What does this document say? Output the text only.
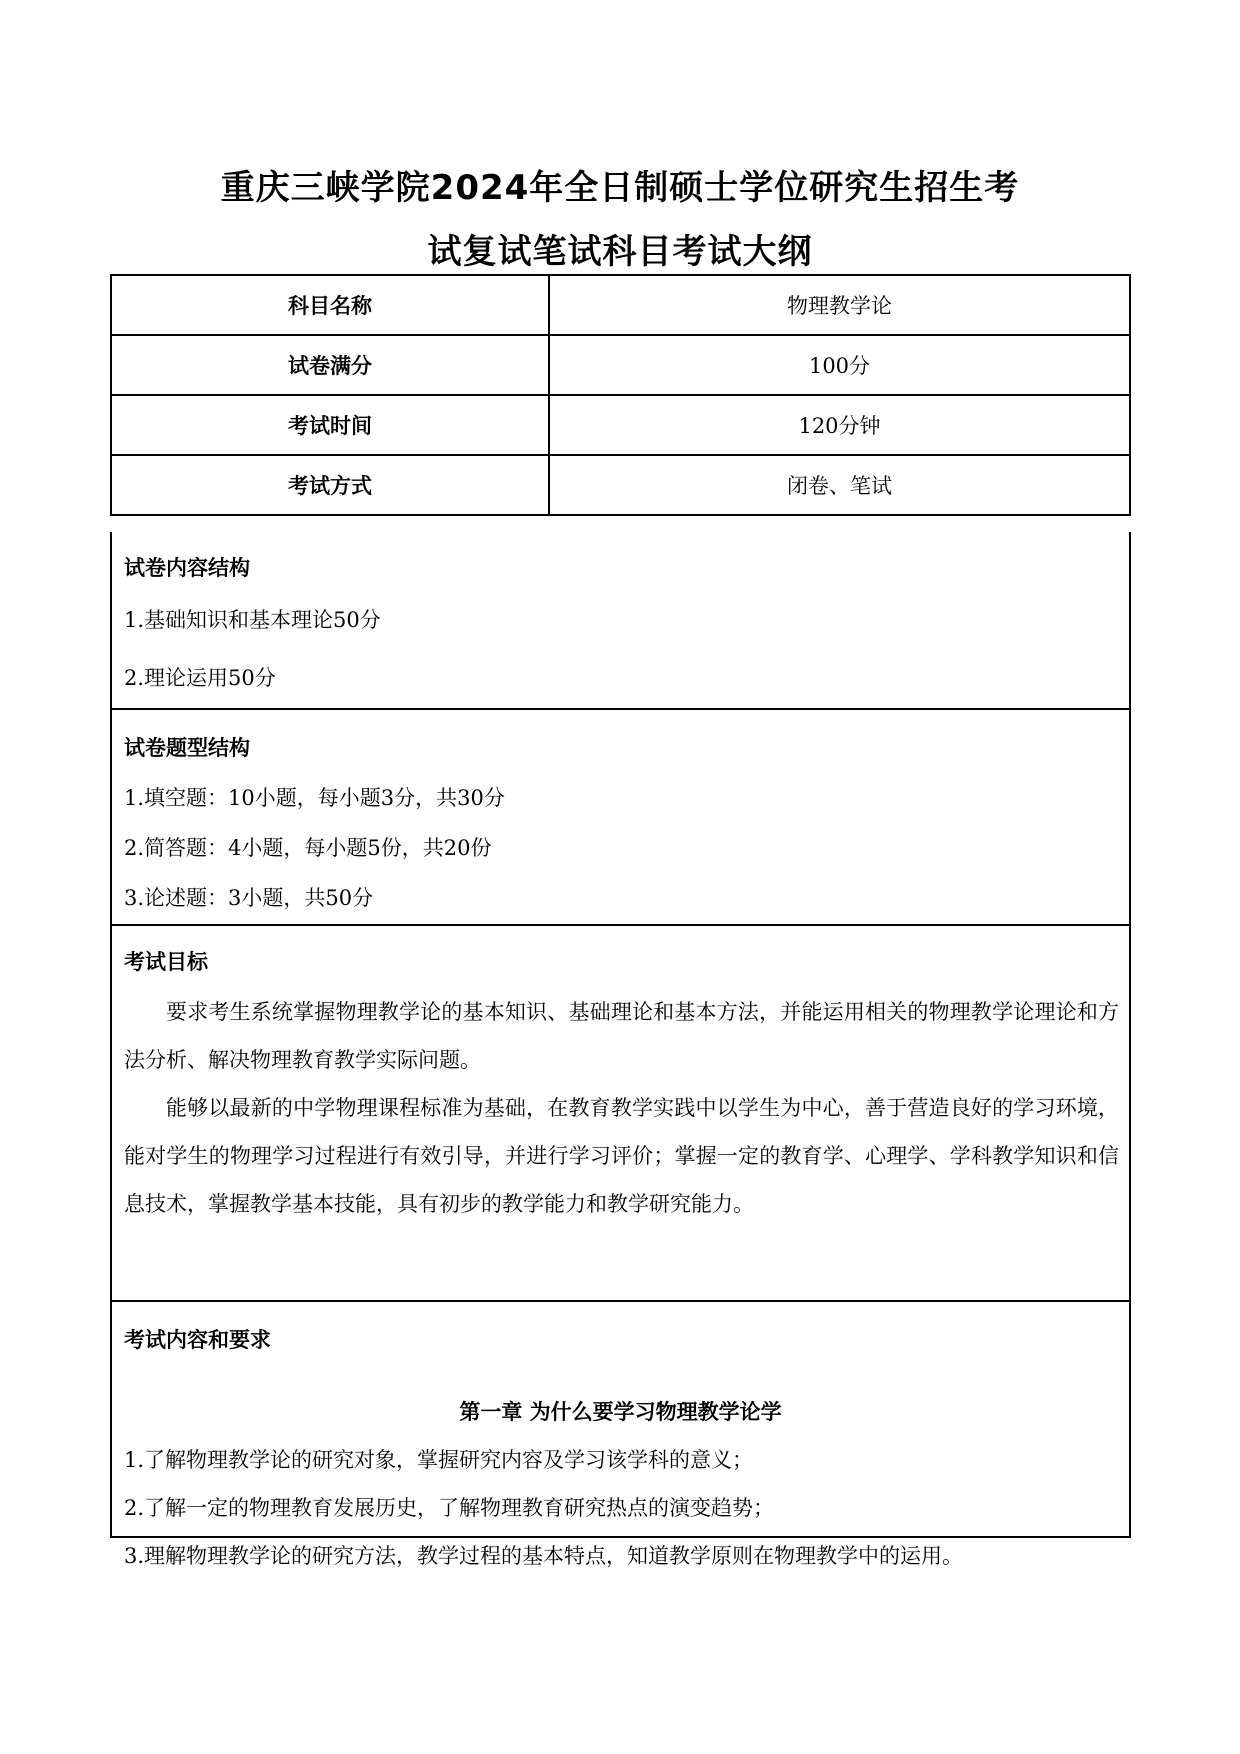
重庆三峡学院2024年全日制硕士学位研究生招生考
试复试笔试科目考试大纲
科目名称	物理教学论
试卷满分	100分
考试时间	120分钟
考试方式	闭卷、笔试
试卷内容结构
1.基础知识和基本理论50分
2.理论运用50分
试卷题型结构
1.填空题：10小题，每小题3分，共30分
2.简答题：4小题，每小题5份，共20份
3.论述题：3小题，共50分
考试目标
要求考生系统掌握物理教学论的基本知识、基础理论和基本方法，并能运用相关的物理教学论理论和方法分析、解决物理教育教学实际问题。
能够以最新的中学物理课程标准为基础，在教育教学实践中以学生为中心，善于营造良好的学习环境，能对学生的物理学习过程进行有效引导，并进行学习评价；掌握一定的教育学、心理学、学科教学知识和信息技术，掌握教学基本技能，具有初步的教学能力和教学研究能力。
考试内容和要求
第一章 为什么要学习物理教学论学
1.了解物理教学论的研究对象，掌握研究内容及学习该学科的意义；
2.了解一定的物理教育发展历史，了解物理教育研究热点的演变趋势；
3.理解物理教学论的研究方法，教学过程的基本特点，知道教学原则在物理教学中的运用。
